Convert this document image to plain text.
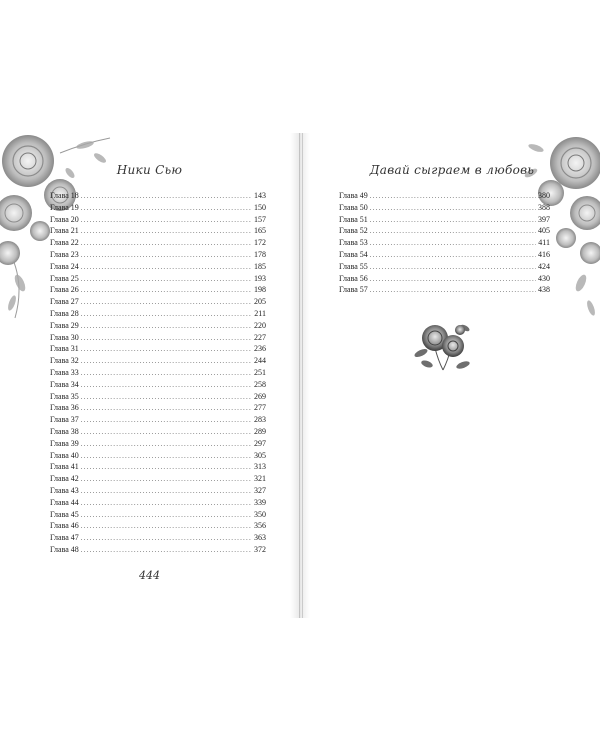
Ники Сью
Глава 18 .....	143
Глава 19 .....	150
Глава 20 .....	157
Глава 21 .....	165
Глава 22 .....	172
Глава 23 .....	178
Глава 24 .....	185
Глава 25 .....	193
Глава 26 .....	198
Глава 27 .....	205
Глава 28 .....	211
Глава 29 .....	220
Глава 30 .....	227
Глава 31 .....	236
Глава 32 .....	244
Глава 33 .....	251
Глава 34 .....	258
Глава 35 .....	269
Глава 36 .....	277
Глава 37 .....	283
Глава 38 .....	289
Глава 39 .....	297
Глава 40 .....	305
Глава 41 .....	313
Глава 42 .....	321
Глава 43 .....	327
Глава 44 .....	339
Глава 45 .....	350
Глава 46 .....	356
Глава 47 .....	363
Глава 48 .....	372
444
Давай сыграем в любовь
Глава 49 .....	380
Глава 50 .....	388
Глава 51 .....	397
Глава 52 .....	405
Глава 53 .....	411
Глава 54 .....	416
Глава 55 .....	424
Глава 56 .....	430
Глава 57 .....	438
